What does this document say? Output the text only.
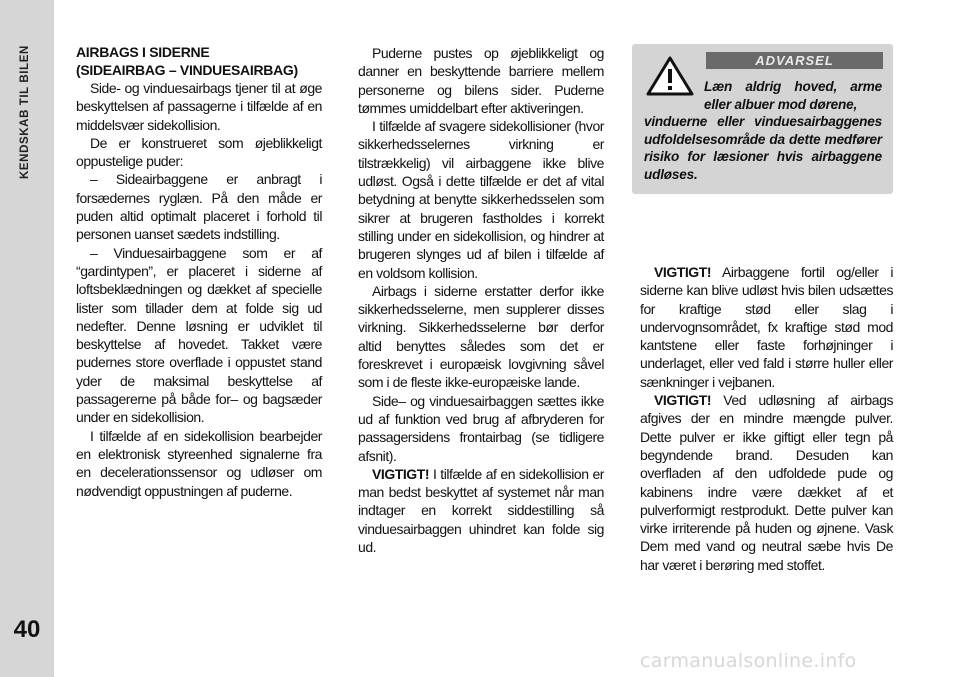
KENDSKAB TIL BILEN
40

AIRBAGS I SIDERNE
(SIDEAIRBAG – VINDUESAIRBAG)

Side- og vinduesairbags tjener til at øge beskyttelsen af passagerne i tilfælde af en middelsvær sidekollision.

De er konstrueret som øjeblikkeligt oppustelige puder:

– Sideairbaggene er anbragt i forsædernes ryglæn. På den måde er puden altid optimalt placeret i forhold til personen uanset sædets indstilling.

– Vinduesairbaggene som er af “gardintypen”, er placeret i siderne af loftsbeklædningen og dækket af specielle lister som tillader dem at folde sig ud nedefter. Denne løsning er udviklet til beskyttelse af hovedet. Takket være pudernes store overflade i oppustet stand yder de maksimal beskyttelse af passagererne på både for– og bagsæder under en sidekollision.

I tilfælde af en sidekollision bearbejder en elektronisk styreenhed signalerne fra en decelerationssensor og udløser om nødvendigt oppustningen af puderne.

Puderne pustes op øjeblikkeligt og danner en beskyttende barriere mellem personerne og bilens sider. Puderne tømmes umiddelbart efter aktiveringen.

I tilfælde af svagere sidekollisioner (hvor sikkerhedsselernes virkning er tilstrækkelig) vil airbaggene ikke blive udløst. Også i dette tilfælde er det af vital betydning at benytte sikkerhedsselen som sikrer at brugeren fastholdes i korrekt stilling under en sidekollision, og hindrer at brugeren slynges ud af bilen i tilfælde af en voldsom kollision.

Airbags i siderne erstatter derfor ikke sikkerhedsselerne, men supplerer disses virkning. Sikkerhedsselerne bør derfor altid benyttes således som det er foreskrevet i europæisk lovgivning såvel som i de fleste ikke-europæiske lande.

Side– og vinduesairbaggen sættes ikke ud af funktion ved brug af afbryderen for passagersidens frontairbag (se tidligere afsnit).

VIGTIGT! I tilfælde af en sidekollision er man bedst beskyttet af systemet når man indtager en korrekt siddestilling så vinduesairbaggen uhindret kan folde sig ud.

ADVARSEL
Læn aldrig hoved, arme eller albuer mod dørene,
vinduerne eller vinduesairbaggenes udfoldelsesområde da dette medfører risiko for læsioner hvis airbaggene udløses.

VIGTIGT! Airbaggene fortil og/eller i siderne kan blive udløst hvis bilen udsættes for kraftige stød eller slag i undervognsområdet, fx kraftige stød mod kantstene eller faste forhøjninger i underlaget, eller ved fald i større huller eller sænkninger i vejbanen.

VIGTIGT! Ved udløsning af airbags afgives der en mindre mængde pulver. Dette pulver er ikke giftigt eller tegn på begyndende brand. Desuden kan overfladen af den udfoldede pude og kabinens indre være dækket af et pulverformigt restprodukt. Dette pulver kan virke irriterende på huden og øjnene. Vask Dem med vand og neutral sæbe hvis De har været i berøring med stoffet.

carmanualsonline.info
